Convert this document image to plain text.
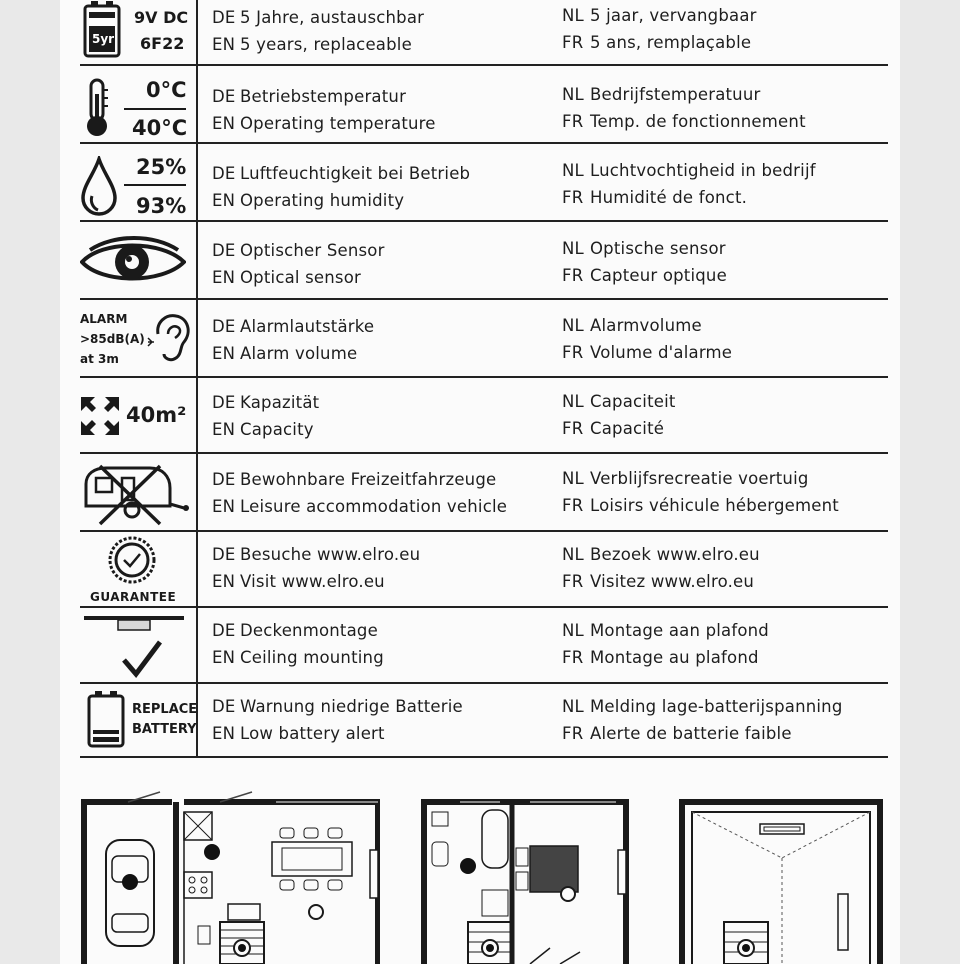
5yr
9V DC
6F22
DE 5 Jahre, austauschbar
EN 5 years, replaceable
NL 5 jaar, vervangbaar
FR 5 ans, remplaçable
0°C
40°C
DE Betriebstemperatur
EN Operating temperature
NL Bedrijfstemperatuur
FR Temp. de fonctionnement
25%
93%
DE Luftfeuchtigkeit bei Betrieb
EN Operating humidity
NL Luchtvochtigheid in bedrijf
FR Humidité de fonct.
DE Optischer Sensor
EN Optical sensor
NL Optische sensor
FR Capteur optique
ALARM
>85dB(A)
at 3m
DE Alarmlautstärke
EN Alarm volume
NL Alarmvolume
FR Volume d'alarme
40m²
DE Kapazität
EN Capacity
NL Capaciteit
FR Capacité
DE Bewohnbare Freizeitfahrzeuge
EN Leisure accommodation vehicle
NL Verblijfsrecreatie voertuig
FR Loisirs véhicule hébergement
GUARANTEE
DE Besuche www.elro.eu
EN Visit www.elro.eu
NL Bezoek www.elro.eu
FR Visitez www.elro.eu
DE Deckenmontage
EN Ceiling mounting
NL Montage aan plafond
FR Montage au plafond
REPLACE
BATTERY
DE Warnung niedrige Batterie
EN Low battery alert
NL Melding lage-batterijspanning
FR Alerte de batterie faible
